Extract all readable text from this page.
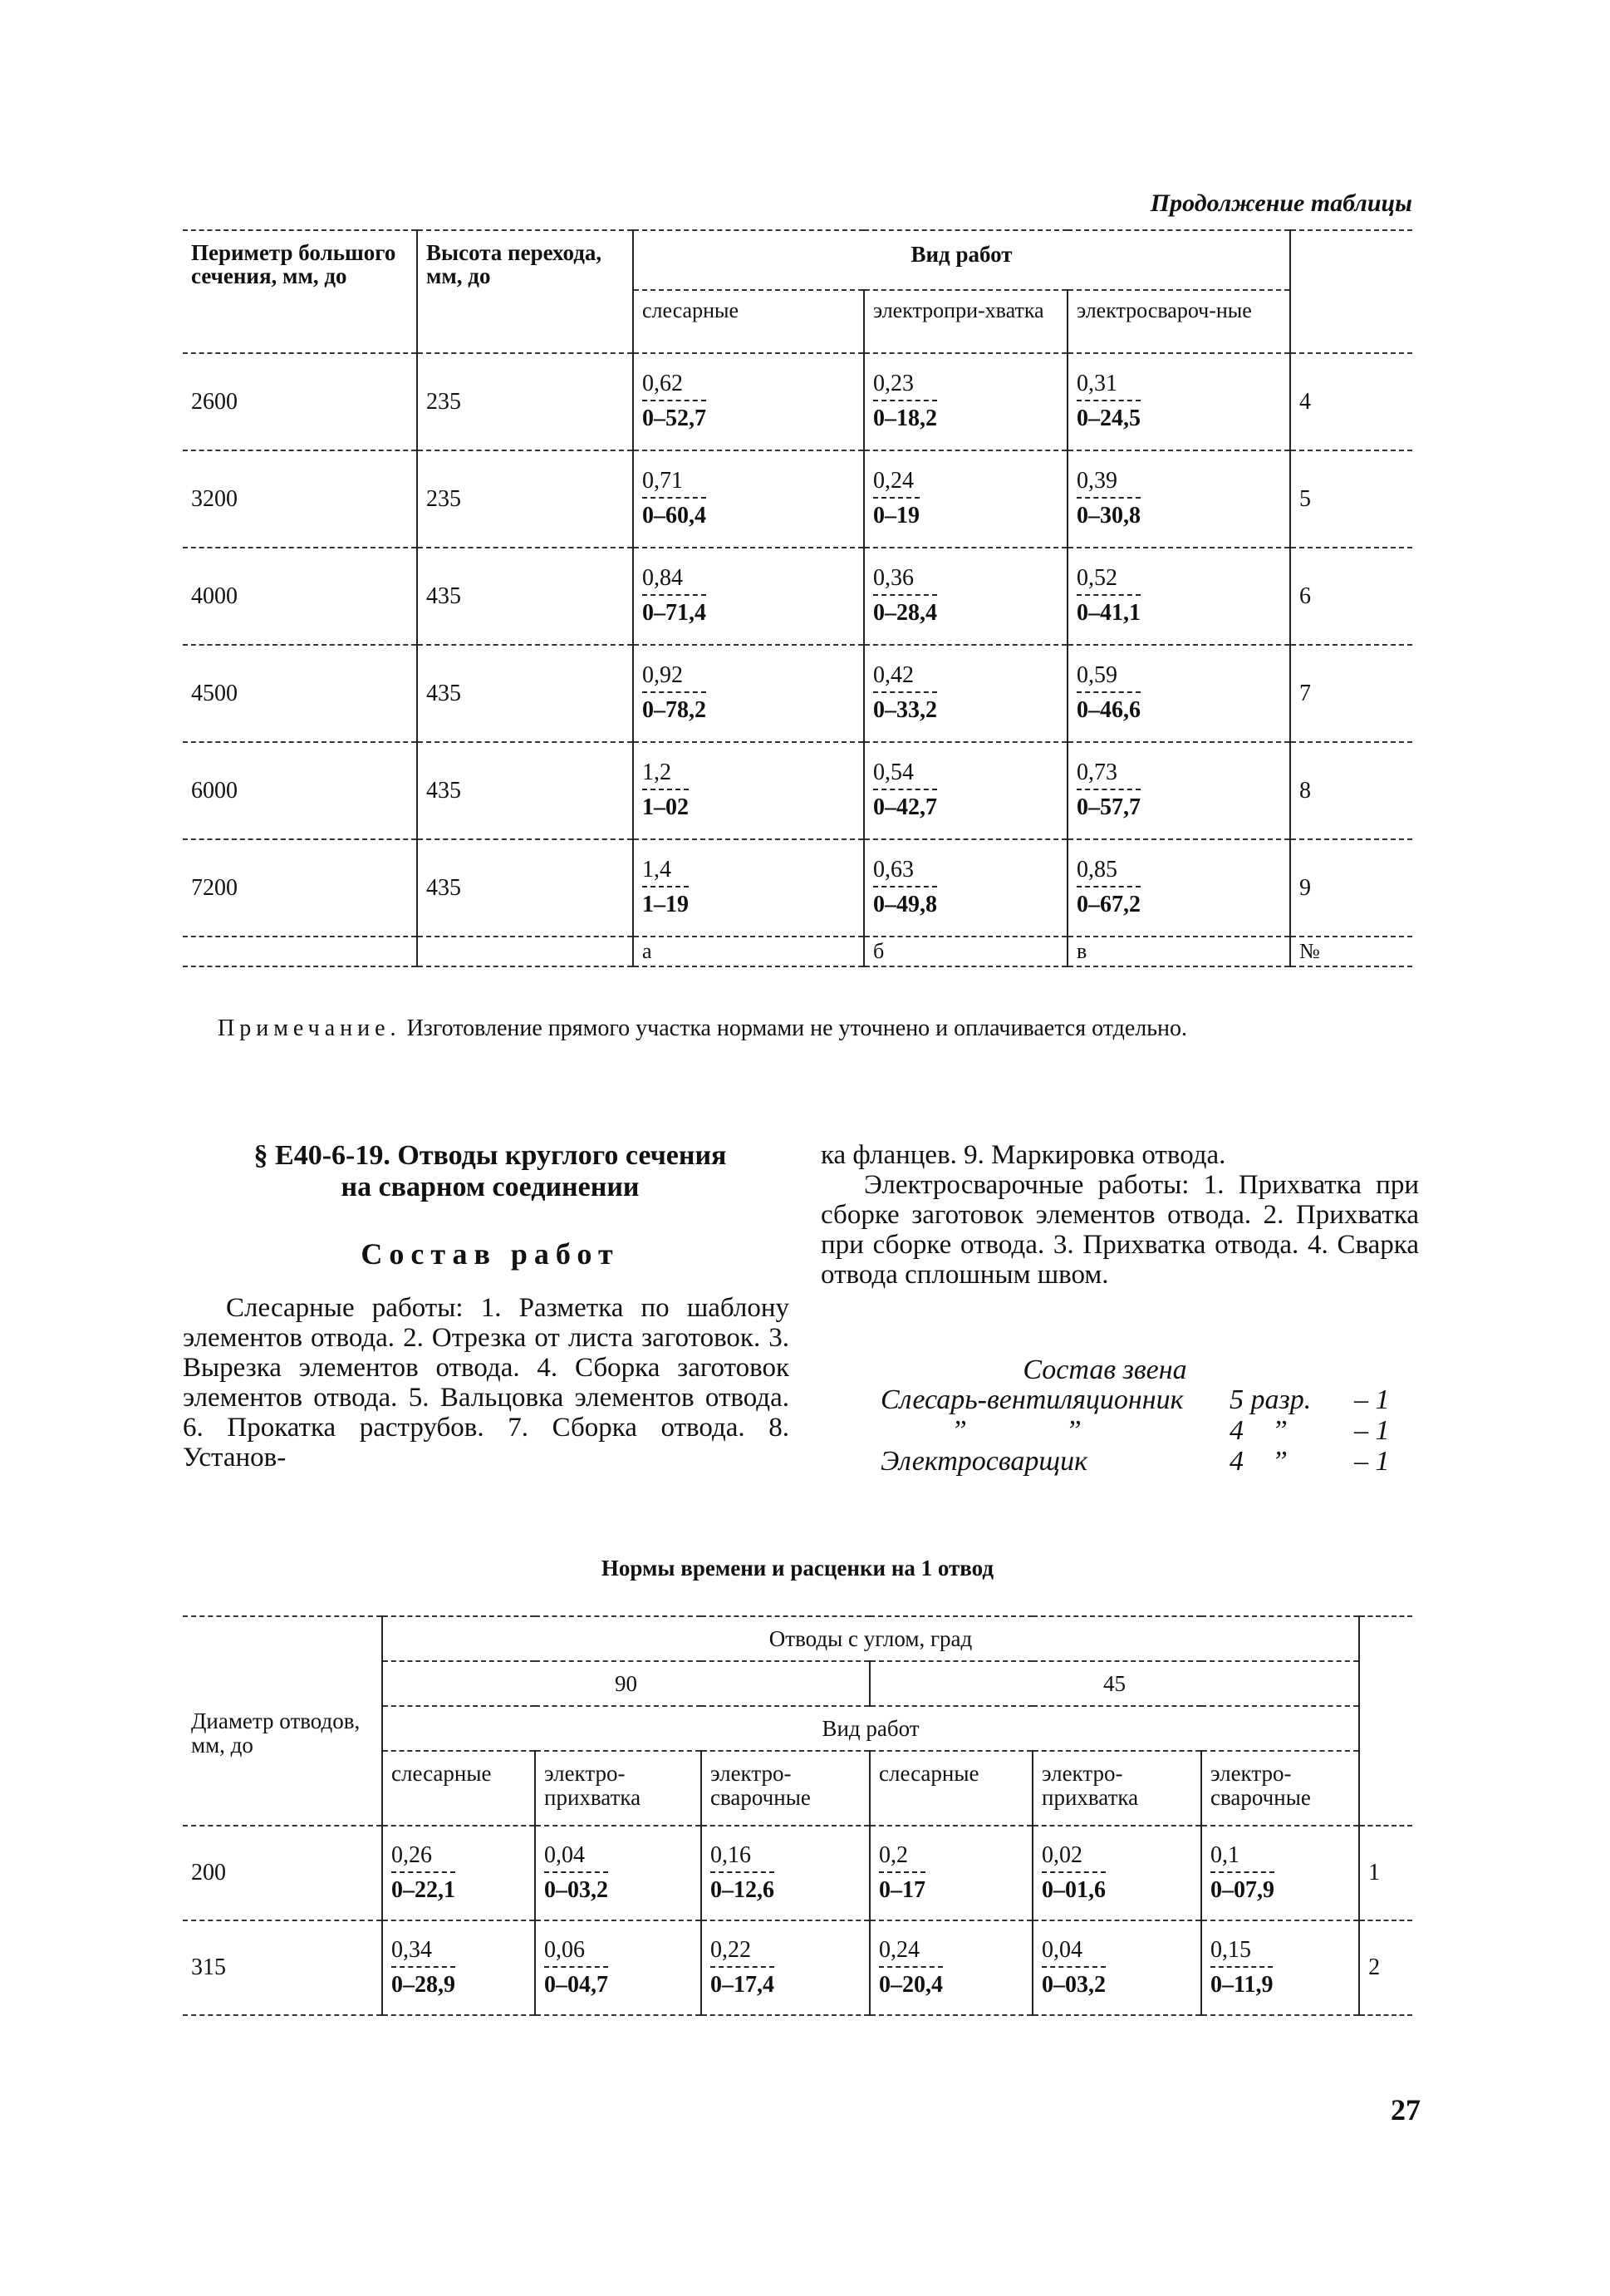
Продолжение таблицы
Периметр большого сечения, мм, до	Высота перехода, мм, до	Вид работ			
		слесарные	электропри-хватка	электросвароч-ные	
2600	235	$\frac{0,62}{0-52,7}$	$\frac{0,23}{0-18,2}$	$\frac{0,31}{0-24,5}$	4
3200	235	$\frac{0,71}{0-60,4}$	$\frac{0,24}{0-19}$	$\frac{0,39}{0-30,8}$	5
4000	435	$\frac{0,84}{0-71,4}$	$\frac{0,36}{0-28,4}$	$\frac{0,52}{0-41,1}$	6
4500	435	$\frac{0,92}{0-78,2}$	$\frac{0,42}{0-33,2}$	$\frac{0,59}{0-46,6}$	7
6000	435	$\frac{1,2}{1-02}$	$\frac{0,54}{0-42,7}$	$\frac{0,73}{0-57,7}$	8
7200	435	$\frac{1,4}{1-19}$	$\frac{0,63}{0-49,8}$	$\frac{0,85}{0-67,2}$	9
		а	б	в	№
Примечание. Изготовление прямого участка нормами не уточнено и оплачивается отдельно.
§ Е40-6-19. Отводы круглого сечения
на сварном соединении
Состав работ

Слесарные работы: 1. Разметка по шаблону элементов отвода. 2. Отрезка от листа заготовок. 3. Вырезка элементов отвода. 4. Сборка заготовок элементов отвода. 5. Вальцовка элементов отвода. 6. Прокатка раструбов. 7. Сборка отвода. 8. Установ-

ка фланцев. 9. Маркировка отвода.

Электросварочные работы: 1. Прихватка при сборке заготовок элементов отвода. 2. Прихватка при сборке отвода. 3. Прихватка отвода. 4. Сварка отвода сплошным швом.

Состав звена
Слесарь-вентиляционник	5 разр.	– 1
”              ”	4    ”	– 1
Электросварщик	4    ”	– 1
Нормы времени и расценки на 1 отвод
Диаметр отводов, мм, до	Отводы с углом, град						
	90			45			
	Вид работ						
	слесарные	электро-прихватка	электро-сварочные	слесарные	электро-прихватка	электро-сварочные	
200	$\frac{0,26}{0-22,1}$	$\frac{0,04}{0-03,2}$	$\frac{0,16}{0-12,6}$	$\frac{0,2}{0-17}$	$\frac{0,02}{0-01,6}$	$\frac{0,1}{0-07,9}$	1
315	$\frac{0,34}{0-28,9}$	$\frac{0,06}{0-04,7}$	$\frac{0,22}{0-17,4}$	$\frac{0,24}{0-20,4}$	$\frac{0,04}{0-03,2}$	$\frac{0,15}{0-11,9}$	2
27
